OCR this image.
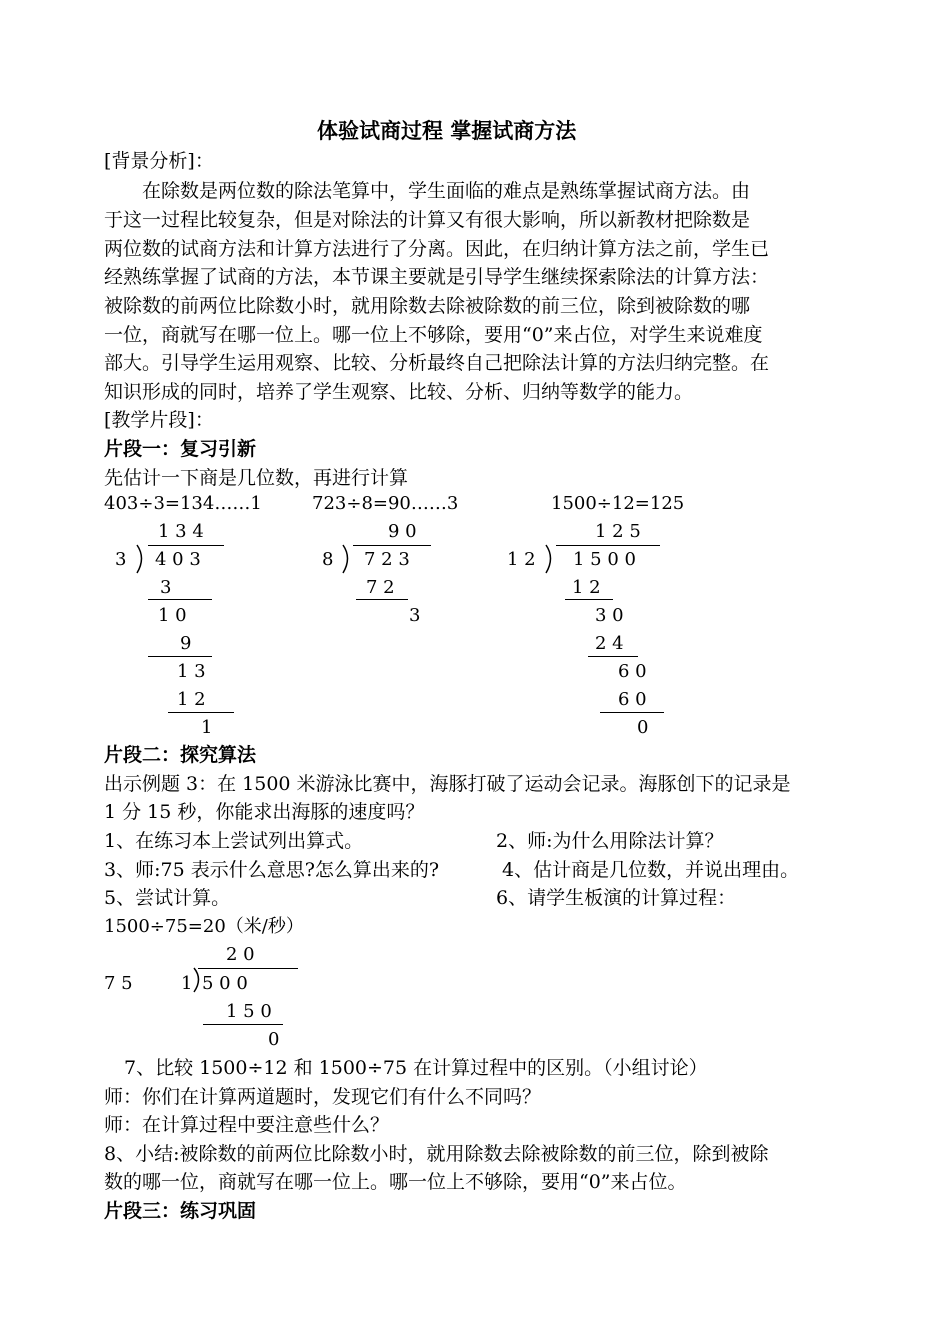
体验试商过程 掌握试商方法
[背景分析]：
在除数是两位数的除法笔算中，学生面临的难点是熟练掌握试商方法。由
于这一过程比较复杂，但是对除法的计算又有很大影响，所以新教材把除数是
两位数的试商方法和计算方法进行了分离。因此，在归纳计算方法之前，学生已
经熟练掌握了试商的方法，本节课主要就是引导学生继续探索除法的计算方法：
被除数的前两位比除数小时，就用除数去除被除数的前三位，除到被除数的哪
一位，商就写在哪一位上。哪一位上不够除，要用“0”来占位，对学生来说难度
部大。引导学生运用观察、比较、分析最终自己把除法计算的方法归纳完整。在
知识形成的同时，培养了学生观察、比较、分析、归纳等数学的能力。
[教学片段]：
片段一：复习引新
先估计一下商是几位数，再进行计算
403÷3=134……1	723÷8=90……3	1500÷12=125
1 3 4
3 4 0 3
3
1 0
9
1 3
1 2
1
9 0
8 7 2 3
7 2
3
1 2 5
1 2 1 5 0 0
1 2
3 0
2 4
6 0
6 0
0
片段二：探究算法
出示例题 3：在 1500 米游泳比赛中，海豚打破了运动会记录。海豚创下的记录是
1 分 15 秒，你能求出海豚的速度吗？
1、在练习本上尝试列出算式。	2、师:为什么用除法计算？
3、师:75 表示什么意思?怎么算出来的?	4、估计商是几位数，并说出理由。
5、尝试计算。	6、请学生板演的计算过程：
1500÷75=20（米/秒）
2 0
7 5	1 5 0 0
1 5 0
0
7、比较 1500÷12 和 1500÷75 在计算过程中的区别。（小组讨论）
师：你们在计算两道题时，发现它们有什么不同吗？
师：在计算过程中要注意些什么？
8、小结:被除数的前两位比除数小时，就用除数去除被除数的前三位，除到被除
数的哪一位，商就写在哪一位上。哪一位上不够除，要用“0”来占位。
片段三：练习巩固
